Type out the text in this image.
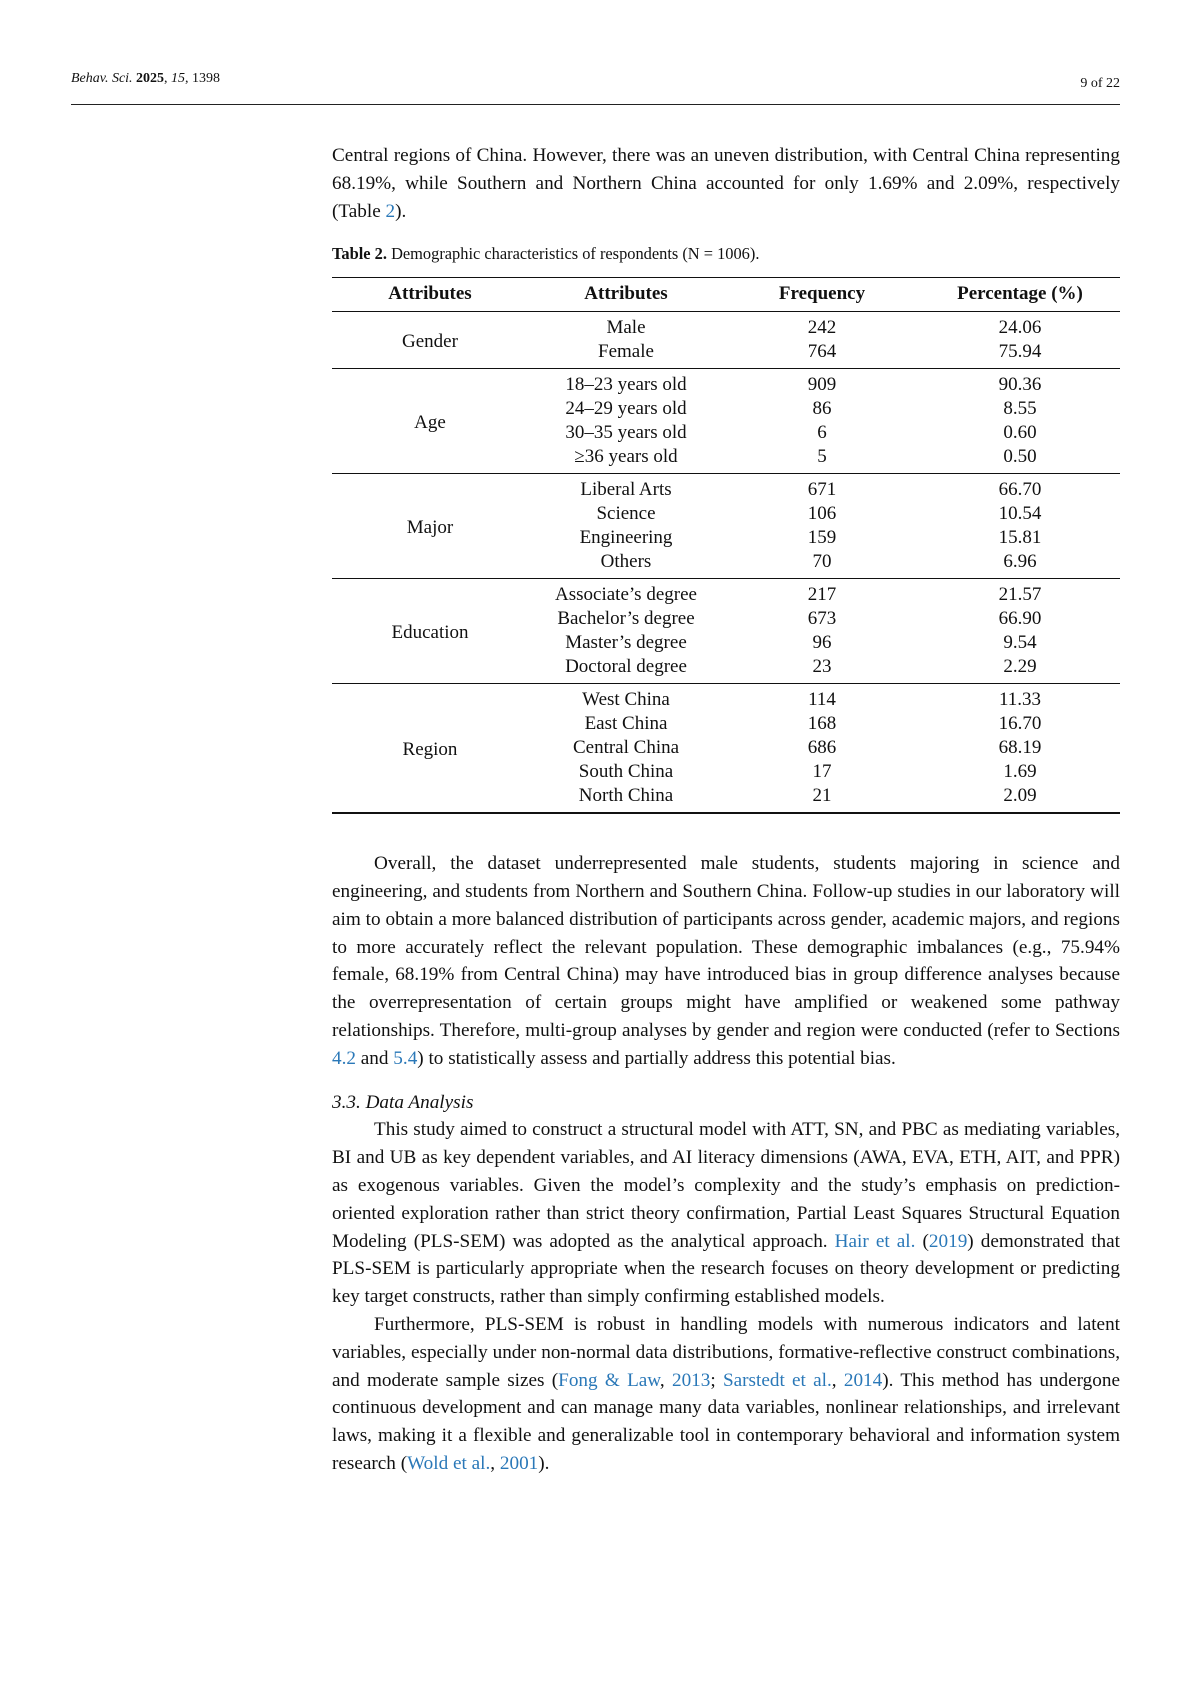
Behav. Sci. 2025, 15, 1398	9 of 22

Central regions of China. However, there was an uneven distribution, with Central China representing 68.19%, while Southern and Northern China accounted for only 1.69% and 2.09%, respectively (Table 2).

Table 2. Demographic characteristics of respondents (N = 1006).

Attributes	Attributes	Frequency	Percentage (%)
Gender	Male	242	24.06
	Female	764	75.94
Age	18–23 years old	909	90.36
	24–29 years old	86	8.55
	30–35 years old	6	0.60
	≥36 years old	5	0.50
Major	Liberal Arts	671	66.70
	Science	106	10.54
	Engineering	159	15.81
	Others	70	6.96
Education	Associate’s degree	217	21.57
	Bachelor’s degree	673	66.90
	Master’s degree	96	9.54
	Doctoral degree	23	2.29
Region	West China	114	11.33
	East China	168	16.70
	Central China	686	68.19
	South China	17	1.69
	North China	21	2.09

Overall, the dataset underrepresented male students, students majoring in science and engineering, and students from Northern and Southern China. Follow-up studies in our laboratory will aim to obtain a more balanced distribution of participants across gender, academic majors, and regions to more accurately reflect the relevant population. These demographic imbalances (e.g., 75.94% female, 68.19% from Central China) may have introduced bias in group difference analyses because the overrepresentation of certain groups might have amplified or weakened some pathway relationships. Therefore, multi-group analyses by gender and region were conducted (refer to Sections 4.2 and 5.4) to statistically assess and partially address this potential bias.

3.3. Data Analysis

This study aimed to construct a structural model with ATT, SN, and PBC as mediating variables, BI and UB as key dependent variables, and AI literacy dimensions (AWA, EVA, ETH, AIT, and PPR) as exogenous variables. Given the model’s complexity and the study’s emphasis on prediction-oriented exploration rather than strict theory confirmation, Partial Least Squares Structural Equation Modeling (PLS-SEM) was adopted as the analytical approach. Hair et al. (2019) demonstrated that PLS-SEM is particularly appropriate when the research focuses on theory development or predicting key target constructs, rather than simply confirming established models.

Furthermore, PLS-SEM is robust in handling models with numerous indicators and latent variables, especially under non-normal data distributions, formative-reflective construct combinations, and moderate sample sizes (Fong & Law, 2013; Sarstedt et al., 2014). This method has undergone continuous development and can manage many data variables, nonlinear relationships, and irrelevant laws, making it a flexible and generalizable tool in contemporary behavioral and information system research (Wold et al., 2001).
